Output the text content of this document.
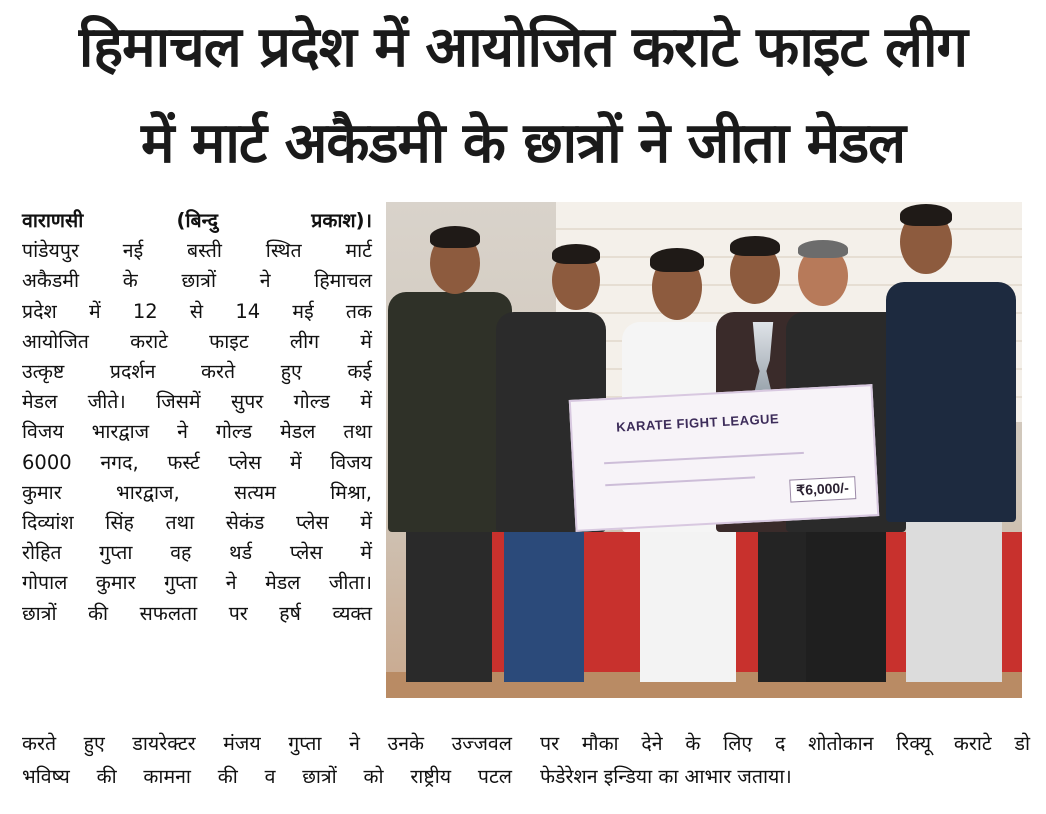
हिमाचल प्रदेश में आयोजित कराटे फाइट लीग
में मार्ट अकैडमी के छात्रों ने जीता मेडल

वाराणसी (बिन्दु प्रकाश)।

पांडेयपुर नई बस्ती स्थित मार्ट

अकैडमी के छात्रों ने हिमाचल

प्रदेश में 12 से 14 मई तक

आयोजित कराटे फाइट लीग में

उत्कृष्ट प्रदर्शन करते हुए कई

मेडल जीते। जिसमें सुपर गोल्ड में

विजय भारद्वाज ने गोल्ड मेडल तथा

6000 नगद, फर्स्ट प्लेस में विजय

कुमार भारद्वाज, सत्यम मिश्रा,

दिव्यांश सिंह तथा सेकंड प्लेस में

रोहित गुप्ता वह थर्ड प्लेस में

गोपाल कुमार गुप्ता ने मेडल जीता।

छात्रों की सफलता पर हर्ष व्यक्त

करते हुए डायरेक्टर मंजय गुप्ता ने उनके उज्जवल

भविष्य की कामना की व छात्रों को राष्ट्रीय पटल

पर मौका देने के लिए द शोतोकान रिक्यू कराटे डो

फेडेरेशन इन्डिया का आभार जताया।

KARATE FIGHT LEAGUE
₹6,000/-
